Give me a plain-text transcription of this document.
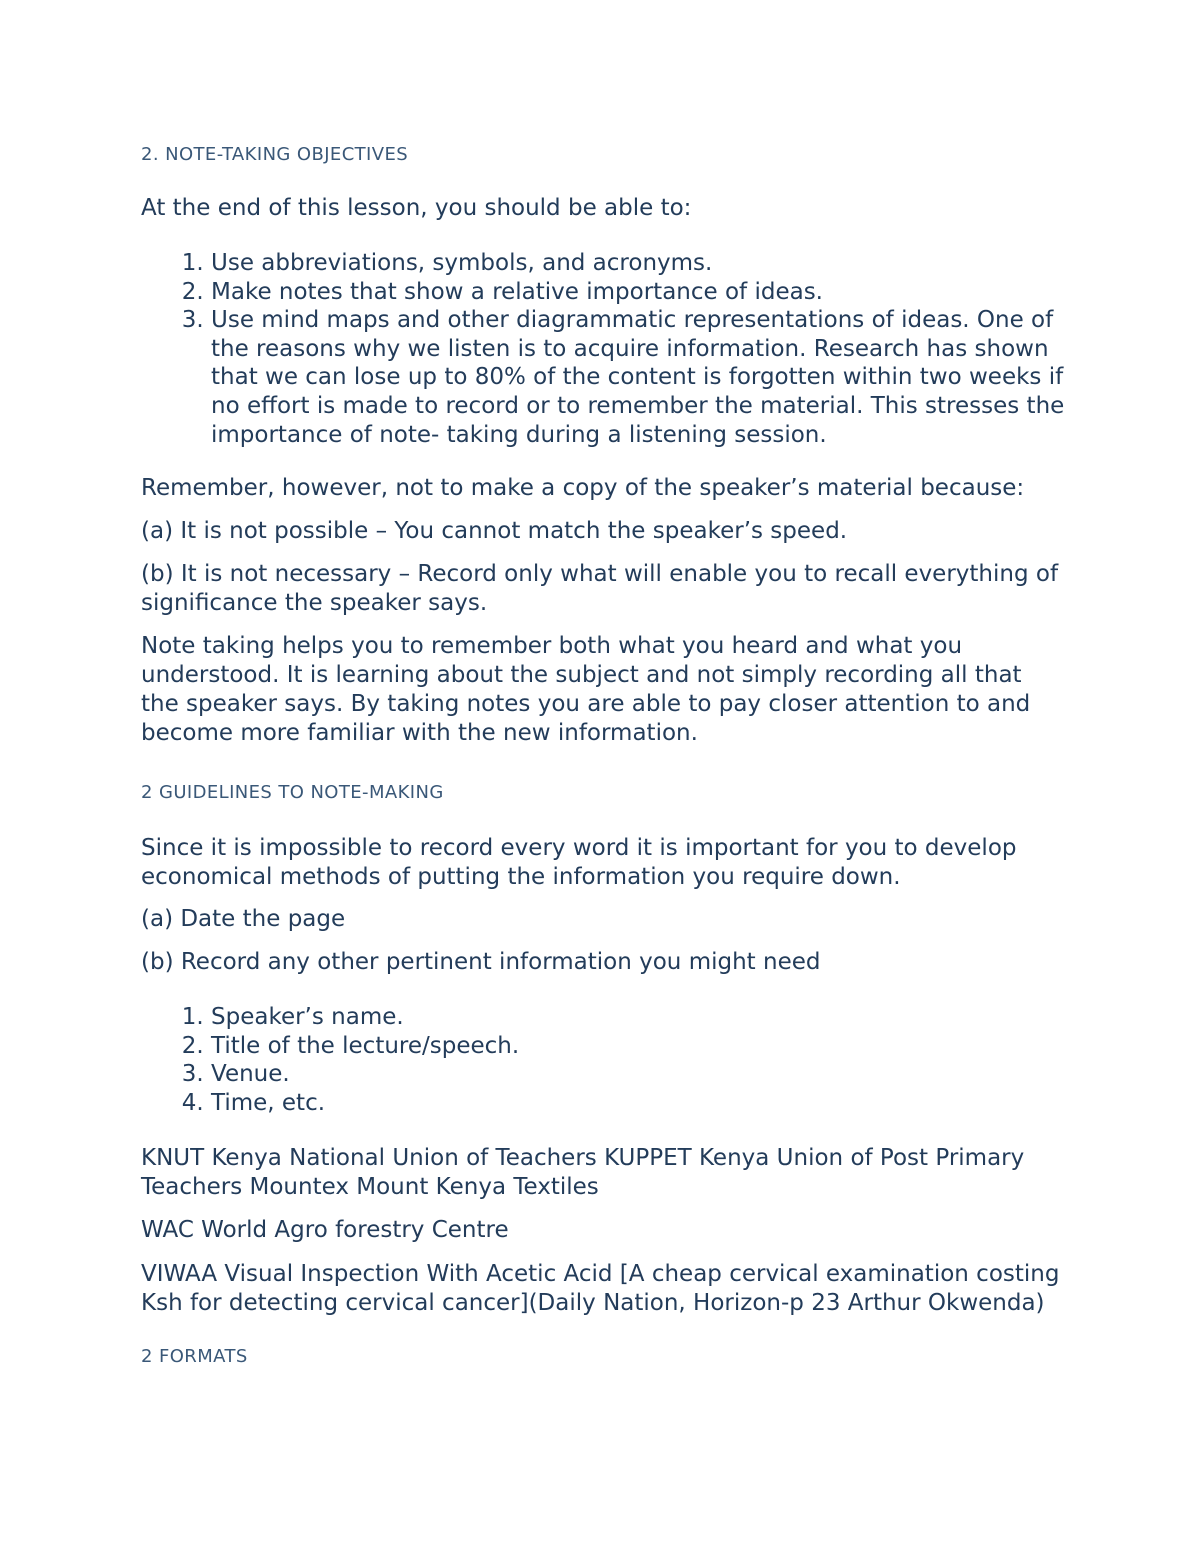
2. NOTE-TAKING OBJECTIVES

At the end of this lesson, you should be able to:

1. Use abbreviations, symbols, and acronyms.
2. Make notes that show a relative importance of ideas.
3. Use mind maps and other diagrammatic representations of ideas. One of the reasons why we listen is to acquire information. Research has shown that we can lose up to 80% of the content is forgotten within two weeks if no effort is made to record or to remember the material. This stresses the importance of note- taking during a listening session.

Remember, however, not to make a copy of the speaker’s material because:

(a) It is not possible – You cannot match the speaker’s speed.

(b) It is not necessary – Record only what will enable you to recall everything of significance the speaker says.

Note taking helps you to remember both what you heard and what you understood. It is learning about the subject and not simply recording all that the speaker says. By taking notes you are able to pay closer attention to and become more familiar with the new information.

2 GUIDELINES TO NOTE-MAKING

Since it is impossible to record every word it is important for you to develop economical methods of putting the information you require down.

(a) Date the page

(b) Record any other pertinent information you might need

1. Speaker’s name.
2. Title of the lecture/speech.
3. Venue.
4. Time, etc.

KNUT Kenya National Union of Teachers KUPPET Kenya Union of Post Primary Teachers Mountex Mount Kenya Textiles

WAC World Agro forestry Centre

VIWAA Visual Inspection With Acetic Acid [A cheap cervical examination costing Ksh for detecting cervical cancer](Daily Nation, Horizon-p 23 Arthur Okwenda)

2 FORMATS
